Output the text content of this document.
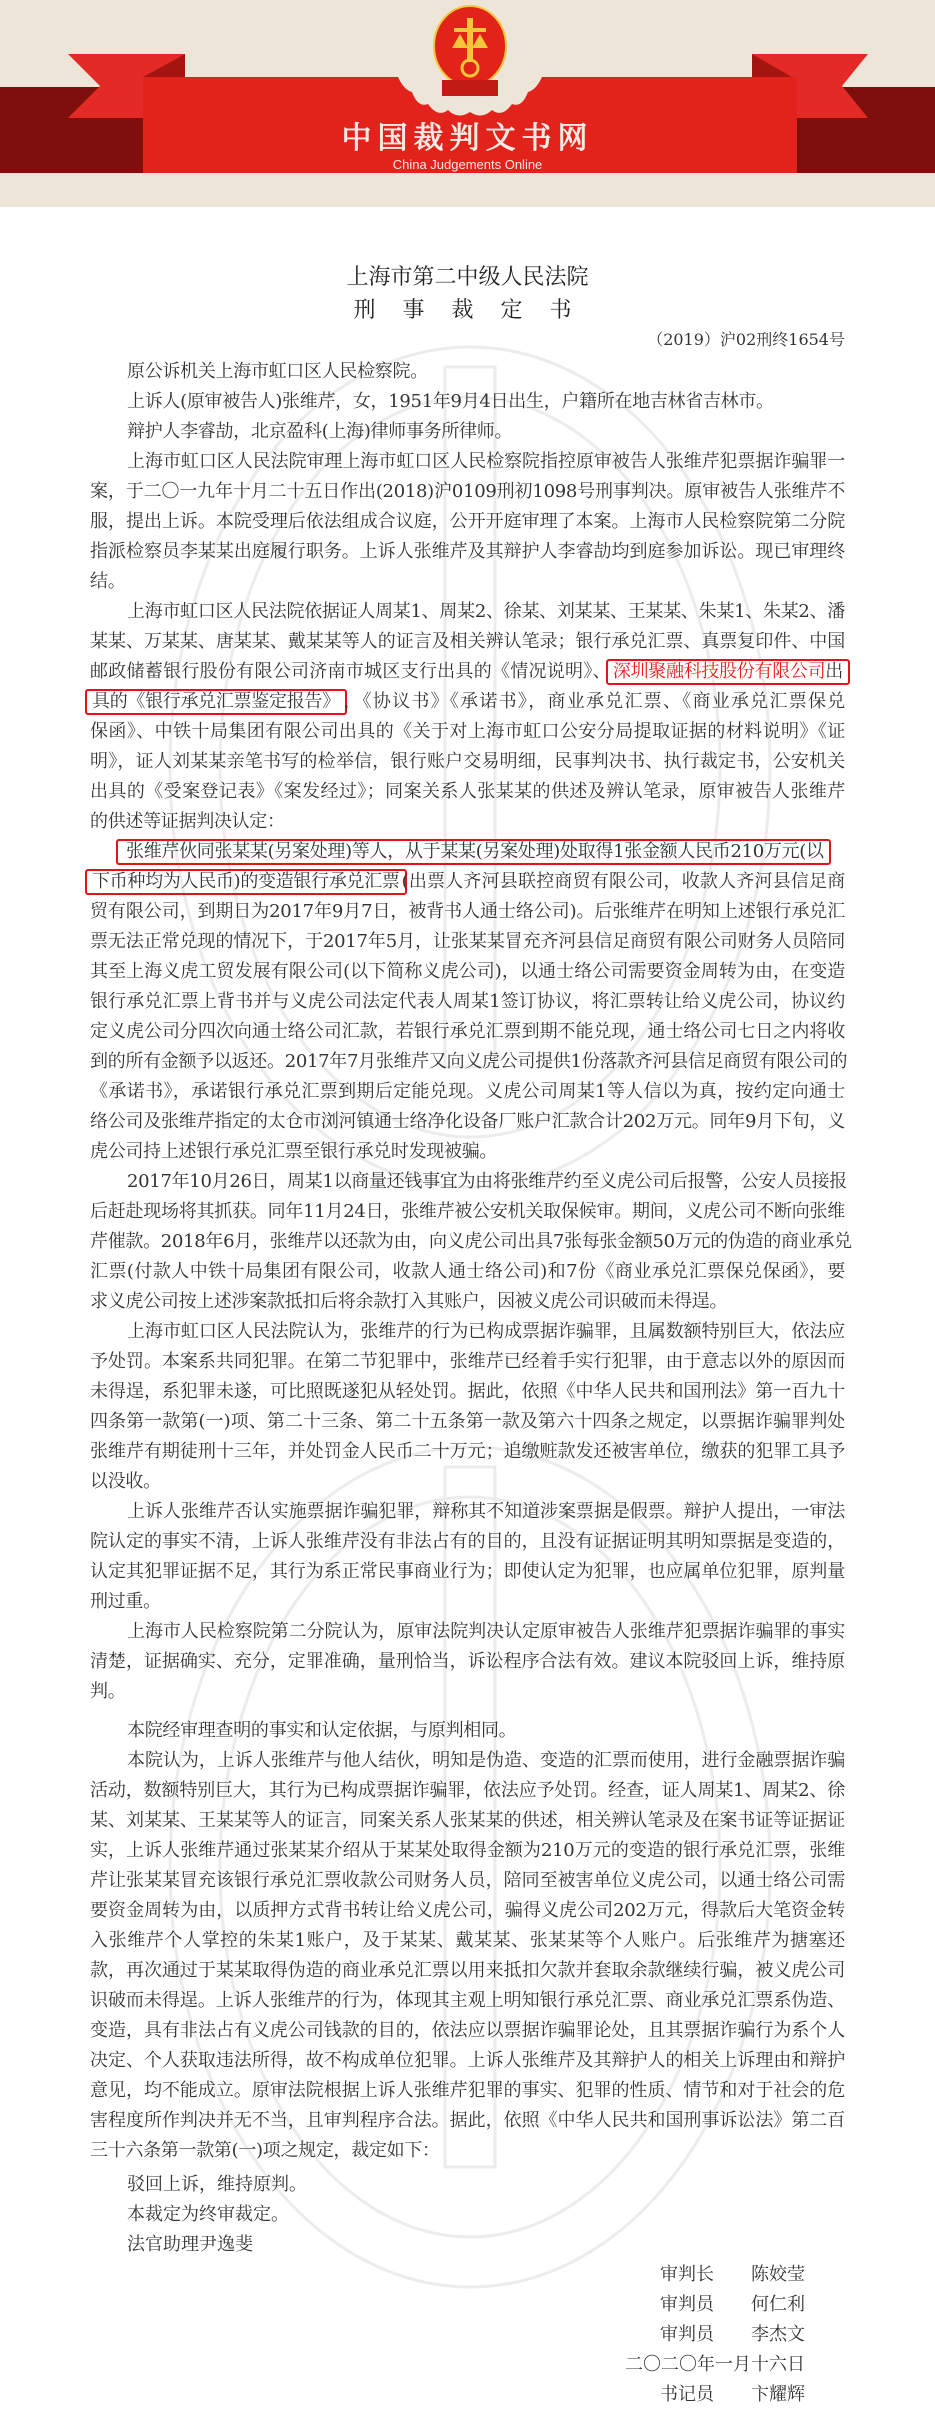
中国裁判文书网
China Judgements Online
上海市第二中级人民法院
刑 事 裁 定 书
（2019）沪02刑终1654号
原公诉机关上海市虹口区人民检察院。
上诉人(原审被告人)张维芹，女，1951年9月4日出生，户籍所在地吉林省吉林市。
辩护人李睿劼，北京盈科(上海)律师事务所律师。
上海市虹口区人民法院审理上海市虹口区人民检察院指控原审被告人张维芹犯票据诈骗罪一
案，于二〇一九年十月二十五日作出(2018)沪0109刑初1098号刑事判决。原审被告人张维芹不
服，提出上诉。本院受理后依法组成合议庭，公开开庭审理了本案。上海市人民检察院第二分院
指派检察员李某某出庭履行职务。上诉人张维芹及其辩护人李睿劼均到庭参加诉讼。现已审理终
结。
上海市虹口区人民法院依据证人周某1、周某2、徐某、刘某某、王某某、朱某1、朱某2、潘
某某、万某某、唐某某、戴某某等人的证言及相关辨认笔录；银行承兑汇票、真票复印件、中国
邮政储蓄银行股份有限公司济南市城区支行出具的《情况说明》、 深圳聚融科技股份有限公司出
具的《银行承兑汇票鉴定报告》 ，《协议书》《承诺书》，商业承兑汇票、《商业承兑汇票保兑
保函》、中铁十局集团有限公司出具的《关于对上海市虹口公安分局提取证据的材料说明》《证
明》，证人刘某某亲笔书写的检举信，银行账户交易明细，民事判决书、执行裁定书，公安机关
出具的《受案登记表》《案发经过》；同案关系人张某某的供述及辨认笔录，原审被告人张维芹
的供述等证据判决认定：
张维芹伙同张某某(另案处理)等人，从于某某(另案处理)处取得1张金额人民币210万元(以
下币种均为人民币)的变造银行承兑汇票 (出票人齐河县联控商贸有限公司，收款人齐河县信足商
贸有限公司，到期日为2017年9月7日，被背书人通士络公司)。后张维芹在明知上述银行承兑汇
票无法正常兑现的情况下，于2017年5月，让张某某冒充齐河县信足商贸有限公司财务人员陪同
其至上海义虎工贸发展有限公司(以下简称义虎公司)，以通士络公司需要资金周转为由，在变造
银行承兑汇票上背书并与义虎公司法定代表人周某1签订协议，将汇票转让给义虎公司，协议约
定义虎公司分四次向通士络公司汇款，若银行承兑汇票到期不能兑现，通士络公司七日之内将收
到的所有金额予以返还。2017年7月张维芹又向义虎公司提供1份落款齐河县信足商贸有限公司的
《承诺书》，承诺银行承兑汇票到期后定能兑现。义虎公司周某1等人信以为真，按约定向通士
络公司及张维芹指定的太仓市浏河镇通士络净化设备厂账户汇款合计202万元。同年9月下旬，义
虎公司持上述银行承兑汇票至银行承兑时发现被骗。
2017年10月26日，周某1以商量还钱事宜为由将张维芹约至义虎公司后报警，公安人员接报
后赶赴现场将其抓获。同年11月24日，张维芹被公安机关取保候审。期间，义虎公司不断向张维
芹催款。2018年6月，张维芹以还款为由，向义虎公司出具7张每张金额50万元的伪造的商业承兑
汇票(付款人中铁十局集团有限公司，收款人通士络公司)和7份《商业承兑汇票保兑保函》，要
求义虎公司按上述涉案款抵扣后将余款打入其账户，因被义虎公司识破而未得逞。
上海市虹口区人民法院认为，张维芹的行为已构成票据诈骗罪，且属数额特别巨大，依法应
予处罚。本案系共同犯罪。在第二节犯罪中，张维芹已经着手实行犯罪，由于意志以外的原因而
未得逞，系犯罪未遂，可比照既遂犯从轻处罚。据此，依照《中华人民共和国刑法》第一百九十
四条第一款第(一)项、第二十三条、第二十五条第一款及第六十四条之规定，以票据诈骗罪判处
张维芹有期徒刑十三年，并处罚金人民币二十万元；追缴赃款发还被害单位，缴获的犯罪工具予
以没收。
上诉人张维芹否认实施票据诈骗犯罪，辩称其不知道涉案票据是假票。辩护人提出，一审法
院认定的事实不清，上诉人张维芹没有非法占有的目的，且没有证据证明其明知票据是变造的，
认定其犯罪证据不足，其行为系正常民事商业行为；即使认定为犯罪，也应属单位犯罪，原判量
刑过重。
上海市人民检察院第二分院认为，原审法院判决认定原审被告人张维芹犯票据诈骗罪的事实
清楚，证据确实、充分，定罪准确，量刑恰当，诉讼程序合法有效。建议本院驳回上诉，维持原
判。
本院经审理查明的事实和认定依据，与原判相同。
本院认为，上诉人张维芹与他人结伙，明知是伪造、变造的汇票而使用，进行金融票据诈骗
活动，数额特别巨大，其行为已构成票据诈骗罪，依法应予处罚。经查，证人周某1、周某2、徐
某、刘某某、王某某等人的证言，同案关系人张某某的供述，相关辨认笔录及在案书证等证据证
实，上诉人张维芹通过张某某介绍从于某某处取得金额为210万元的变造的银行承兑汇票，张维
芹让张某某冒充该银行承兑汇票收款公司财务人员，陪同至被害单位义虎公司，以通士络公司需
要资金周转为由，以质押方式背书转让给义虎公司，骗得义虎公司202万元，得款后大笔资金转
入张维芹个人掌控的朱某1账户，及于某某、戴某某、张某某等个人账户。后张维芹为搪塞还
款，再次通过于某某取得伪造的商业承兑汇票以用来抵扣欠款并套取余款继续行骗，被义虎公司
识破而未得逞。上诉人张维芹的行为，体现其主观上明知银行承兑汇票、商业承兑汇票系伪造、
变造，具有非法占有义虎公司钱款的目的，依法应以票据诈骗罪论处，且其票据诈骗行为系个人
决定、个人获取违法所得，故不构成单位犯罪。上诉人张维芹及其辩护人的相关上诉理由和辩护
意见，均不能成立。原审法院根据上诉人张维芹犯罪的事实、犯罪的性质、情节和对于社会的危
害程度所作判决并无不当，且审判程序合法。据此，依照《中华人民共和国刑事诉讼法》第二百
三十六条第一款第(一)项之规定，裁定如下：
驳回上诉，维持原判。
本裁定为终审裁定。
法官助理尹逸斐
审判长	陈姣莹
审判员	何仁利
审判员	李杰文
二〇二〇年一月十六日
书记员	卞耀辉
